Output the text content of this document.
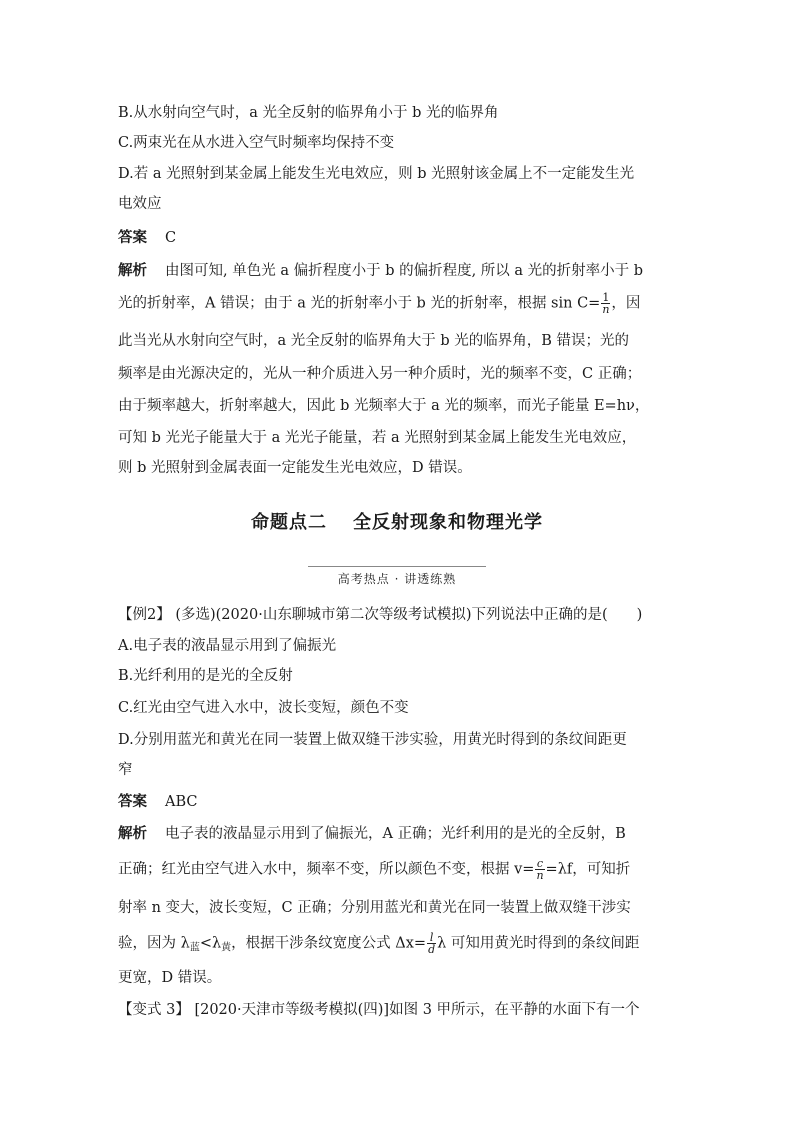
B.从水射向空气时，a 光全反射的临界角小于 b 光的临界角
C.两束光在从水进入空气时频率均保持不变
D.若 a 光照射到某金属上能发生光电效应，则 b 光照射该金属上不一定能发生光
电效应
答案 C
解析 由图可知, 单色光 a 偏折程度小于 b 的偏折程度, 所以 a 光的折射率小于 b
光的折射率，A 错误；由于 a 光的折射率小于 b 光的折射率，根据 $\sin C= \frac{1}{n}$ ，因
此当光从水射向空气时，a 光全反射的临界角大于 b 光的临界角，B 错误；光的
频率是由光源决定的，光从一种介质进入另一种介质时，光的频率不变，C 正确；
由于频率越大，折射率越大，因此 b 光频率大于 a 光的频率，而光子能量 E=hν，
可知 b 光光子能量大于 a 光光子能量，若 a 光照射到某金属上能发生光电效应，
则 b 光照射到金属表面一定能发生光电效应，D 错误。
命题点二 全反射现象和物理光学
高考热点 · 讲透练熟
【例2】 (多选)(2020·山东聊城市第二次等级考试模拟)下列说法中正确的是(　　)
A.电子表的液晶显示用到了偏振光
B.光纤利用的是光的全反射
C.红光由空气进入水中，波长变短，颜色不变
D.分别用蓝光和黄光在同一装置上做双缝干涉实验，用黄光时得到的条纹间距更
窄
答案 ABC
解析 电子表的液晶显示用到了偏振光，A 正确；光纤利用的是光的全反射，B
正确；红光由空气进入水中，频率不变，所以颜色不变，根据 $v= \frac{c}{n} =\lambda f$，可知折
射率 n 变大，波长变短，C 正确；分别用蓝光和黄光在同一装置上做双缝干涉实
验，因为 $\lambda_蓝<\lambda_黄$，根据干涉条纹宽度公式 $\Delta x= \frac{l}{d}$ λ 可知用黄光时得到的条纹间距
更宽，D 错误。
【变式 3】 [2020·天津市等级考模拟(四)]如图 3 甲所示，在平静的水面下有一个
